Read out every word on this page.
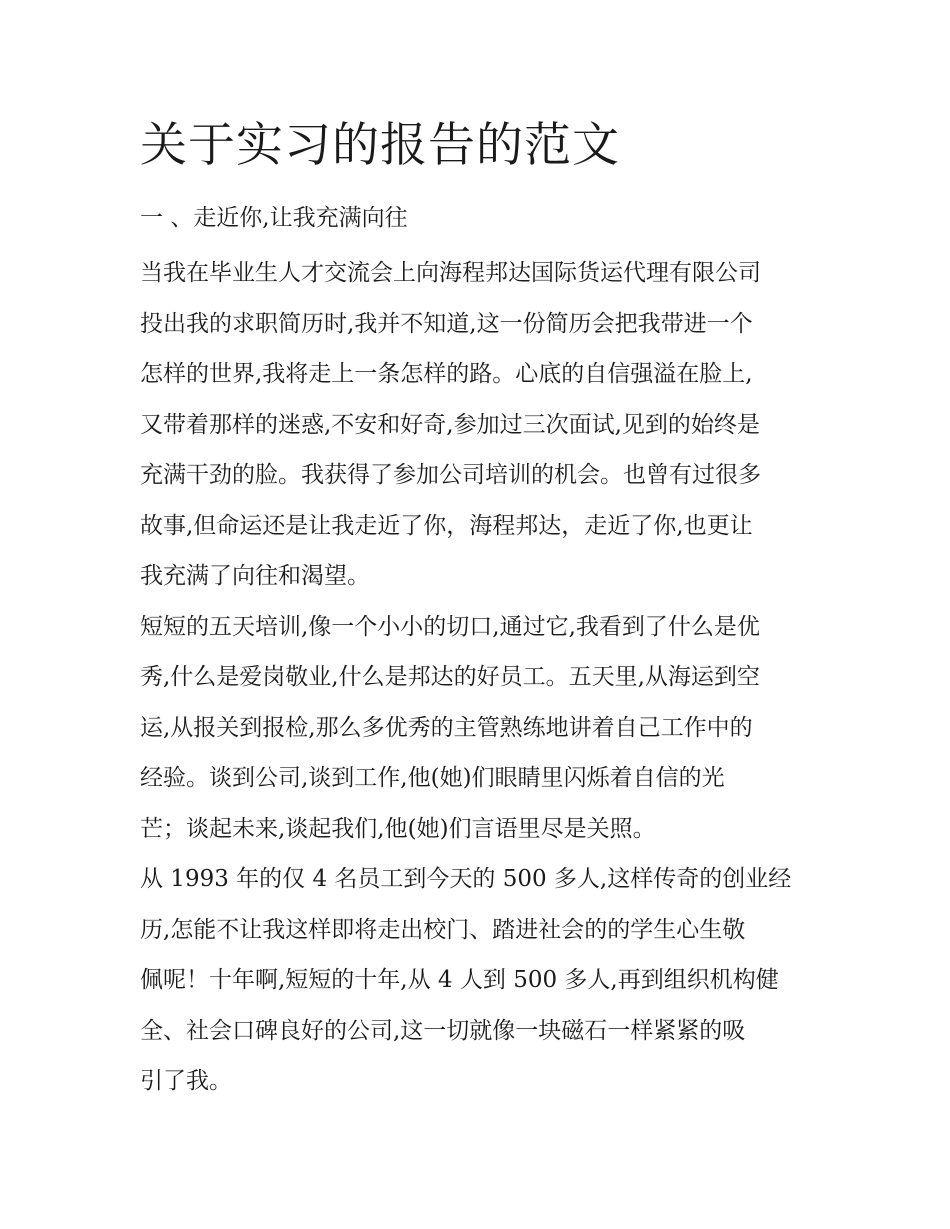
关于实习的报告的范文
一 、走近你,让我充满向往

当我在毕业生人才交流会上向海程邦达国际货运代理有限公司
投出我的求职简历时,我并不知道,这一份简历会把我带进一个
怎样的世界,我将走上一条怎样的路。心底的自信强溢在脸上,
又带着那样的迷惑,不安和好奇,参加过三次面试,见到的始终是
充满干劲的脸。我获得了参加公司培训的机会。也曾有过很多
故事,但命运还是让我走近了你，海程邦达，走近了你,也更让
我充满了向往和渴望。

短短的五天培训,像一个小小的切口,通过它,我看到了什么是优
秀,什么是爱岗敬业,什么是邦达的好员工。五天里,从海运到空
运,从报关到报检,那么多优秀的主管熟练地讲着自己工作中的
经验。谈到公司,谈到工作,他(她)们眼睛里闪烁着自信的光
芒；谈起未来,谈起我们,他(她)们言语里尽是关照。

从 1993 年的仅 4 名员工到今天的 500 多人,这样传奇的创业经
历,怎能不让我这样即将走出校门、踏进社会的的学生心生敬
佩呢！十年啊,短短的十年,从 4 人到 500 多人,再到组织机构健
全、社会口碑良好的公司,这一切就像一块磁石一样紧紧的吸
引了我。
